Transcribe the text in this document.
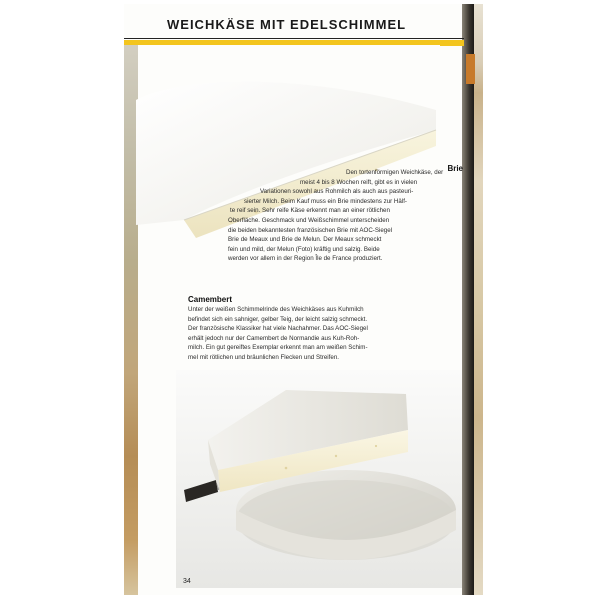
WEICHKÄSE MIT EDELSCHIMMEL
Brie
Den tortenförmigen Weichkäse, der
meist 4 bis 8 Wochen reift, gibt es in vielen
Variationen sowohl aus Rohmilch als auch aus pasteuri-
sierter Milch. Beim Kauf muss ein Brie mindestens zur Hälf-
te reif sein. Sehr reife Käse erkennt man an einer rötlichen
Oberfläche. Geschmack und Weißschimmel unterscheiden
die beiden bekanntesten französischen Brie mit AOC-Siegel
Brie de Meaux und Brie de Melun. Der Meaux schmeckt
fein und mild, der Melun (Foto) kräftig und salzig. Beide
werden vor allem in der Region Île de France produziert.
Camembert
Unter der weißen Schimmelrinde des Weichkäses aus Kuhmilch
befindet sich ein sahniger, gelber Teig, der leicht salzig schmeckt.
Der französische Klassiker hat viele Nachahmer. Das AOC-Siegel
erhält jedoch nur der Camembert de Normandie aus Kuh-Roh-
milch. Ein gut gereiftes Exemplar erkennt man am weißen Schim-
mel mit rötlichen und bräunlichen Flecken und Streifen.
34
